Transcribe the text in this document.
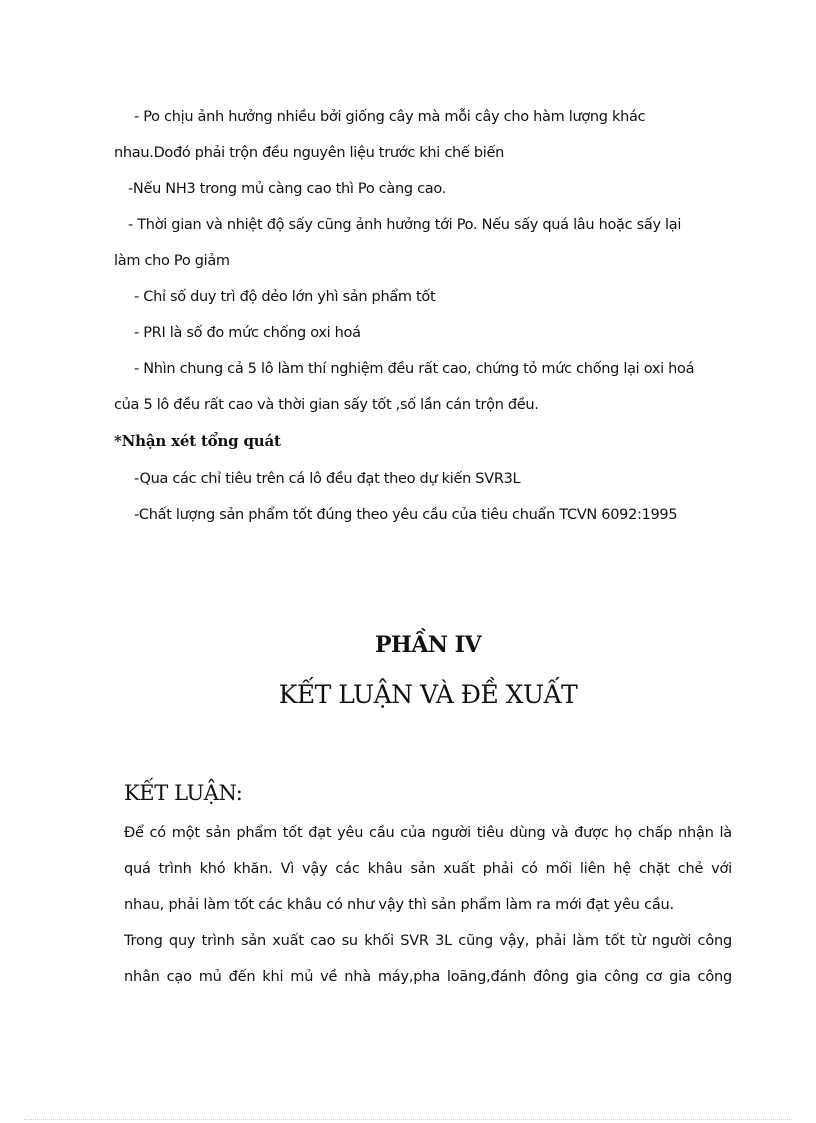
- Po chịu ảnh hưởng nhiều bởi giống cây mà mỗi cây cho hàm lượng khác
nhau.Dođó phải trộn đều nguyên liệu trước khi chế biến
-Nếu NH3 trong mủ càng cao thì Po càng cao.
- Thời gian và nhiệt độ sấy cũng ảnh hưởng tới Po. Nếu sấy quá lâu hoặc sấy lại
làm cho Po giảm
- Chỉ số duy trì độ dẻo lớn yhì sản phẩm tốt
- PRI là số đo mức chống oxi hoá
- Nhìn chung cả 5 lô làm thí nghiệm đều rất cao, chứng tỏ mức chống lại oxi hoá
của 5 lô đều rất cao và thời gian sấy tốt ,số lần cán trộn đều.
*Nhận xét tổng quát
-Qua các chỉ tiêu trên cá lô đều đạt theo dự kiến SVR3L
-Chất lượng sản phẩm tốt đúng theo yêu cầu của tiêu chuẩn TCVN 6092:1995
PHẦN IV
KẾT LUẬN VÀ ĐỀ XUẤT
KẾT LUẬN:
Để có một sản phẩm tốt đạt yêu cầu của người tiêu dùng và được họ chấp nhận là
quá trình khó khăn. Vì vậy các khâu sản xuất phải có mối liên hệ chặt chẻ với
nhau, phải làm tốt các khâu có như vậy thì sản phẩm làm ra mới đạt yêu cầu.
Trong quy trình sản xuất cao su khối SVR 3L cũng vậy, phải làm tốt từ người công
nhân cạo mủ đến khi mủ về nhà máy,pha loãng,đánh đông gia công cơ gia công
